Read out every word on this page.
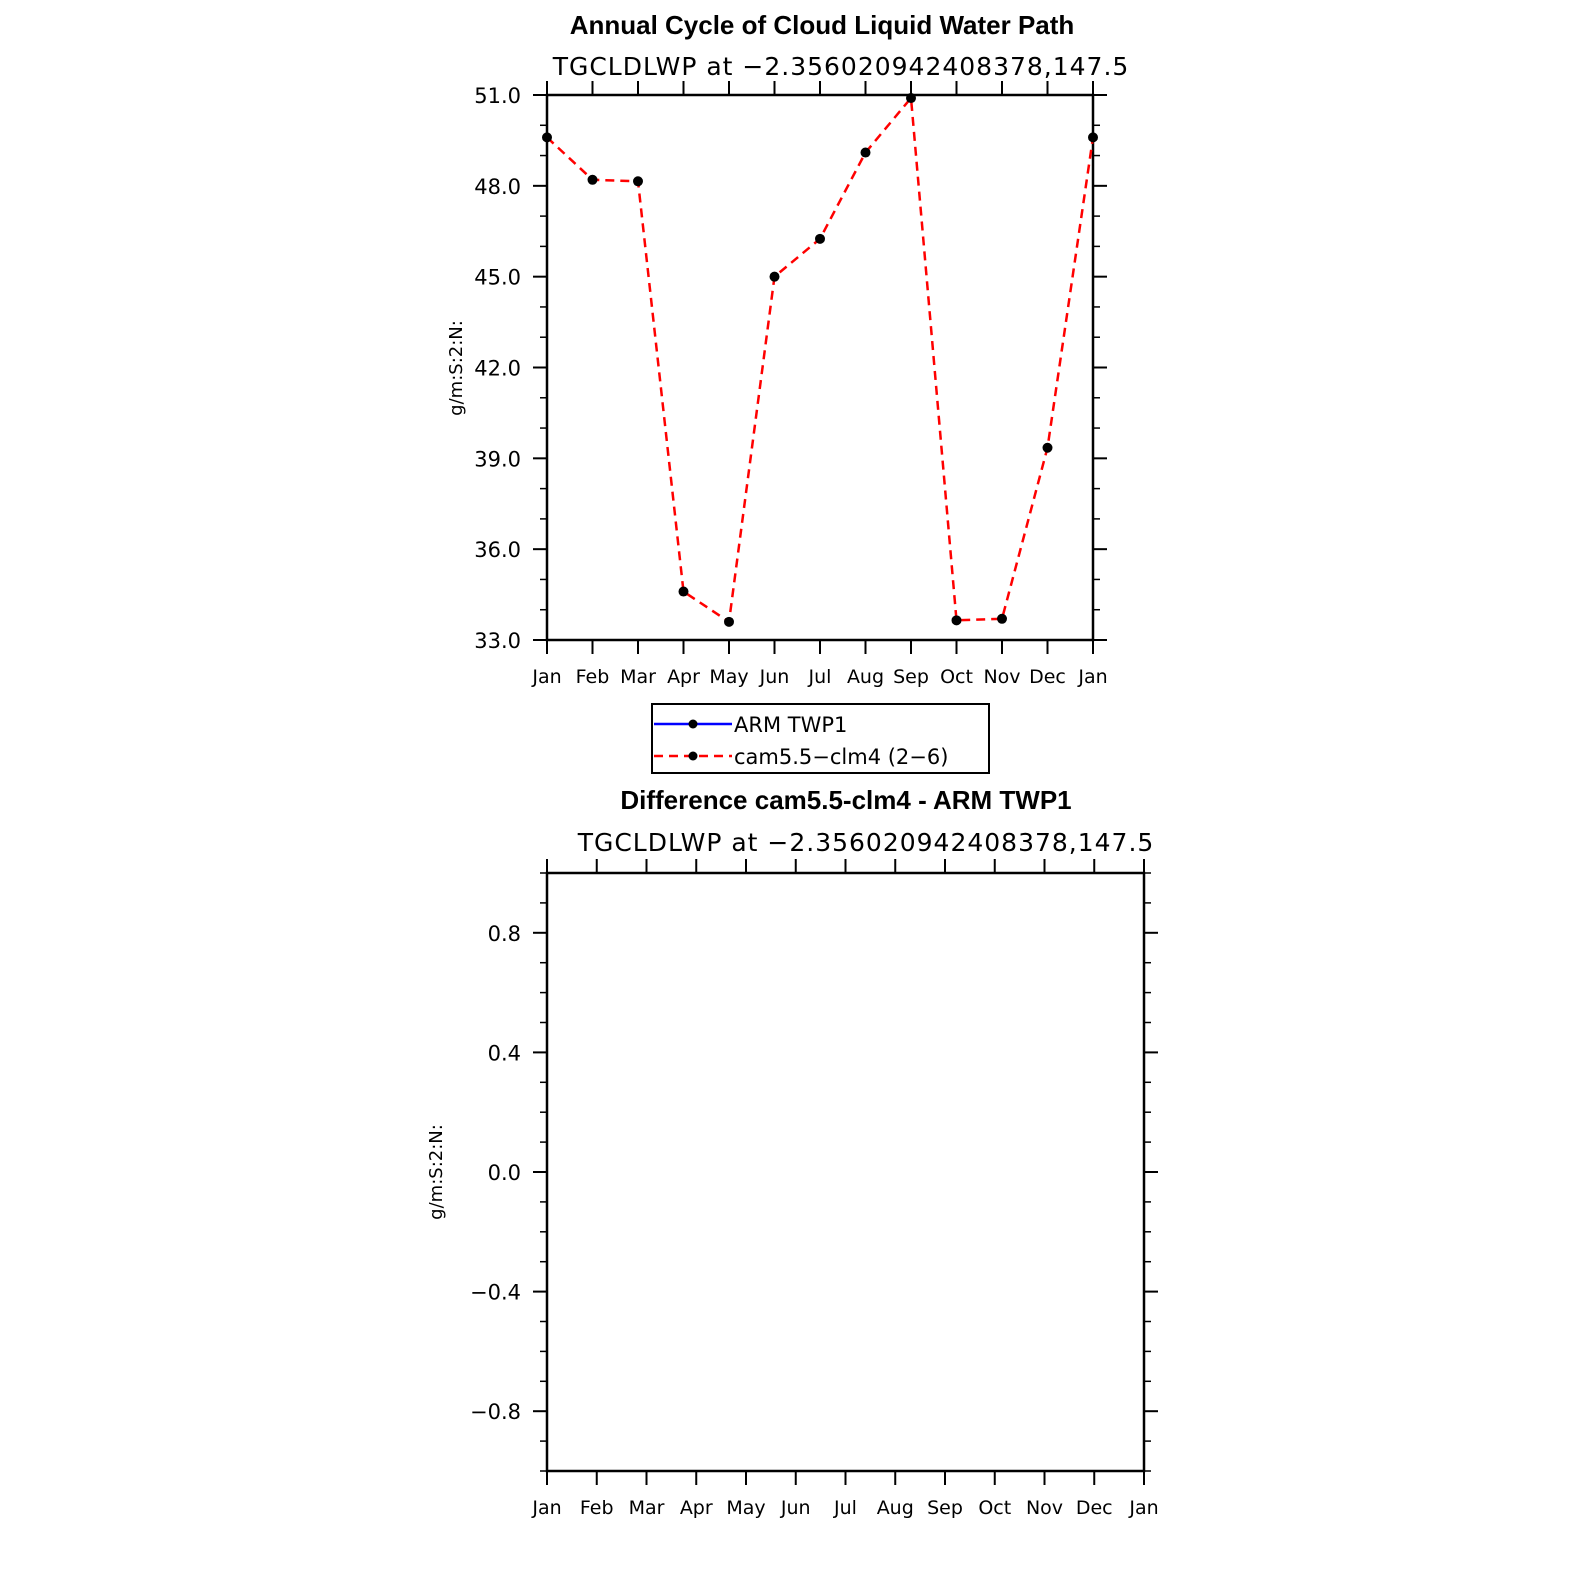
Annual Cycle of Cloud Liquid Water Path
TGCLDLWP at −2.356020942408378,147.5
g/m:S:2:N:
ARM TWP1
cam5.5−clm4 (2−6)
Difference cam5.5-clm4 - ARM TWP1
TGCLDLWP at −2.356020942408378,147.5
g/m:S:2:N:
Jan Feb Mar Apr May Jun Jul Aug Sep Oct Nov Dec Jan
33.0
36.0
39.0
42.0
45.0
48.0
51.0
Jan Feb Mar Apr May Jun Jul Aug Sep Oct Nov Dec Jan
−0.8
−0.4
0.0
0.4
0.8
